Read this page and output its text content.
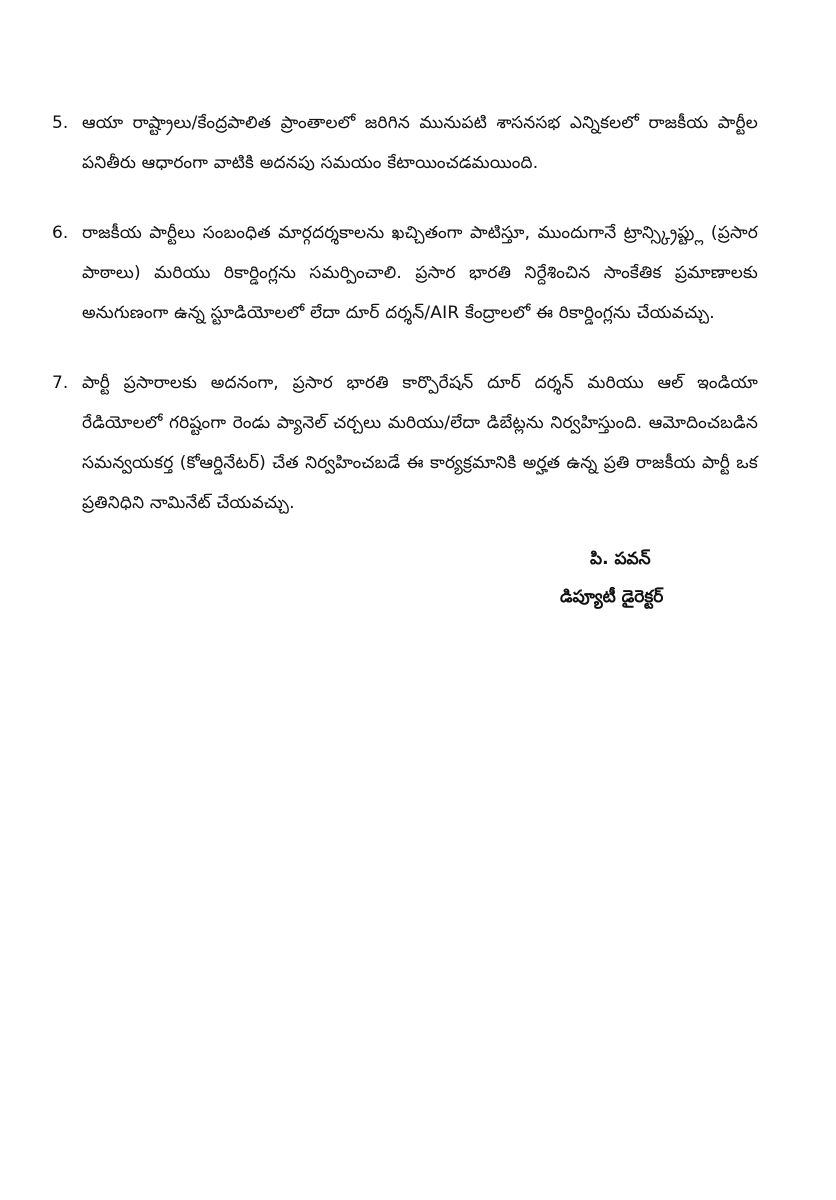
5. ఆయా రాష్ట్రాలు/కేంద్రపాలిత ప్రాంతాలలో జరిగిన మునుపటి శాసనసభ ఎన్నికలలో రాజకీయ పార్టీల పనితీరు ఆధారంగా వాటికి అదనపు సమయం కేటాయించడమయింది.
6. రాజకీయ పార్టీలు సంబంధిత మార్గదర్శకాలను ఖచ్చితంగా పాటిస్తూ, ముందుగానే ట్రాన్స్క్రిప్ట్లు (ప్రసార పాఠాలు) మరియు రికార్డింగ్లను సమర్పించాలి. ప్రసార భారతి నిర్దేశించిన సాంకేతిక ప్రమాణాలకు అనుగుణంగా ఉన్న స్టూడియోలలో లేదా దూర్ దర్శన్/AIR కేంద్రాలలో ఈ రికార్డింగ్లను చేయవచ్చు.
7. పార్టీ ప్రసారాలకు అదనంగా, ప్రసార భారతి కార్పొరేషన్ దూర్ దర్శన్ మరియు ఆల్ ఇండియా రేడియోలలో గరిష్టంగా రెండు ప్యానెల్ చర్చలు మరియు/లేదా డిబేట్లను నిర్వహిస్తుంది. ఆమోదించబడిన సమన్వయకర్త (కోఆర్డినేటర్) చేత నిర్వహించబడే ఈ కార్యక్రమానికి అర్హత ఉన్న ప్రతి రాజకీయ పార్టీ ఒక ప్రతినిధిని నామినేట్ చేయవచ్చు.
పి. పవన్
డిప్యూటీ డైరెక్టర్
